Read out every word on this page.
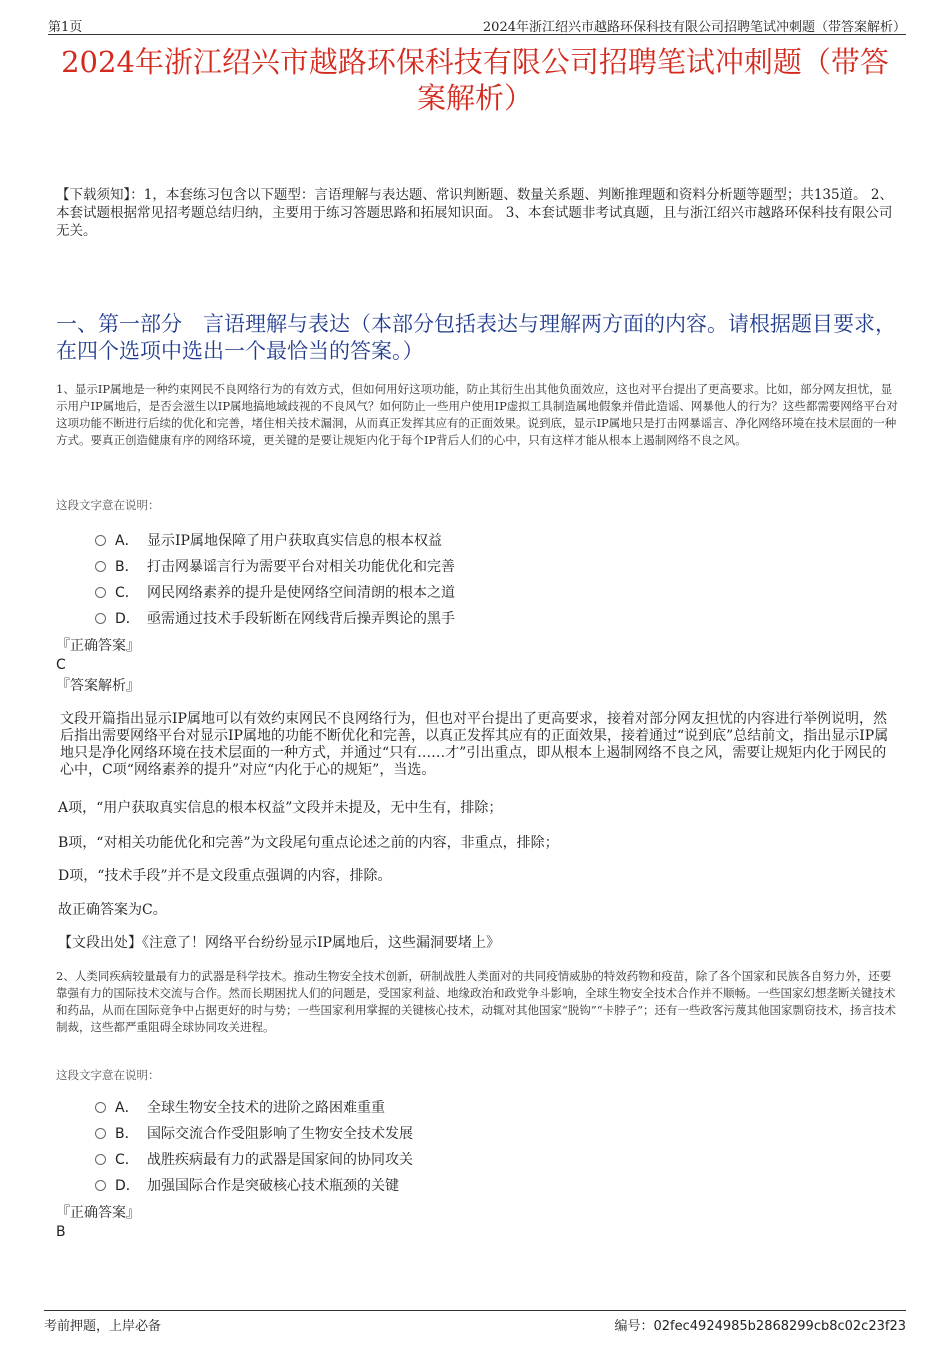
第1页	2024年浙江绍兴市越路环保科技有限公司招聘笔试冲刺题（带答案解析）
2024年浙江绍兴市越路环保科技有限公司招聘笔试冲刺题（带答案解析）
【下载须知】：1，本套练习包含以下题型：言语理解与表达题、常识判断题、数量关系题、判断推理题和资料分析题等题型；共135道。 2、本套试题根据常见招考题总结归纳，主要用于练习答题思路和拓展知识面。 3、本套试题非考试真题，且与浙江绍兴市越路环保科技有限公司无关。
一、第一部分　言语理解与表达（本部分包括表达与理解两方面的内容。请根据题目要求，在四个选项中选出一个最恰当的答案。）
1、显示IP属地是一种约束网民不良网络行为的有效方式，但如何用好这项功能，防止其衍生出其他负面效应，这也对平台提出了更高要求。比如，部分网友担忧，显示用户IP属地后，是否会滋生以IP属地搞地域歧视的不良风气？如何防止一些用户使用IP虚拟工具制造属地假象并借此造谣、网暴他人的行为？这些都需要网络平台对这项功能不断进行后续的优化和完善，堵住相关技术漏洞，从而真正发挥其应有的正面效果。说到底，显示IP属地只是打击网暴谣言、净化网络环境在技术层面的一种方式。要真正创造健康有序的网络环境，更关键的是要让规矩内化于每个IP背后人们的心中，只有这样才能从根本上遏制网络不良之风。
这段文字意在说明：
A． 显示IP属地保障了用户获取真实信息的根本权益
B． 打击网暴谣言行为需要平台对相关功能优化和完善
C． 网民网络素养的提升是使网络空间清朗的根本之道
D． 亟需通过技术手段斩断在网线背后操弄舆论的黑手
『正确答案』
C
『答案解析』
文段开篇指出显示IP属地可以有效约束网民不良网络行为，但也对平台提出了更高要求，接着对部分网友担忧的内容进行举例说明，然后指出需要网络平台对显示IP属地的功能不断优化和完善，以真正发挥其应有的正面效果，接着通过“说到底”总结前文，指出显示IP属地只是净化网络环境在技术层面的一种方式，并通过“只有……才”引出重点，即从根本上遏制网络不良之风，需要让规矩内化于网民的心中，C项“网络素养的提升”对应“内化于心的规矩”，当选。
A项，“用户获取真实信息的根本权益”文段并未提及，无中生有，排除；
B项，“对相关功能优化和完善”为文段尾句重点论述之前的内容，非重点，排除；
D项，“技术手段”并不是文段重点强调的内容，排除。
故正确答案为C。
【文段出处】《注意了！网络平台纷纷显示IP属地后，这些漏洞要堵上》
2、人类同疾病较量最有力的武器是科学技术。推动生物安全技术创新，研制战胜人类面对的共同疫情威胁的特效药物和疫苗，除了各个国家和民族各自努力外，还要靠强有力的国际技术交流与合作。然而长期困扰人们的问题是，受国家利益、地缘政治和政党争斗影响，全球生物安全技术合作并不顺畅。一些国家幻想垄断关键技术和药品，从而在国际竞争中占据更好的时与势；一些国家利用掌握的关键核心技术，动辄对其他国家“脱钩”“卡脖子”；还有一些政客污蔑其他国家剽窃技术，扬言技术制裁，这些都严重阻碍全球协同攻关进程。
这段文字意在说明：
A． 全球生物安全技术的进阶之路困难重重
B． 国际交流合作受阻影响了生物安全技术发展
C． 战胜疾病最有力的武器是国家间的协同攻关
D． 加强国际合作是突破核心技术瓶颈的关键
『正确答案』
B
考前押题，上岸必备	编号：02fec4924985b2868299cb8c02c23f23
